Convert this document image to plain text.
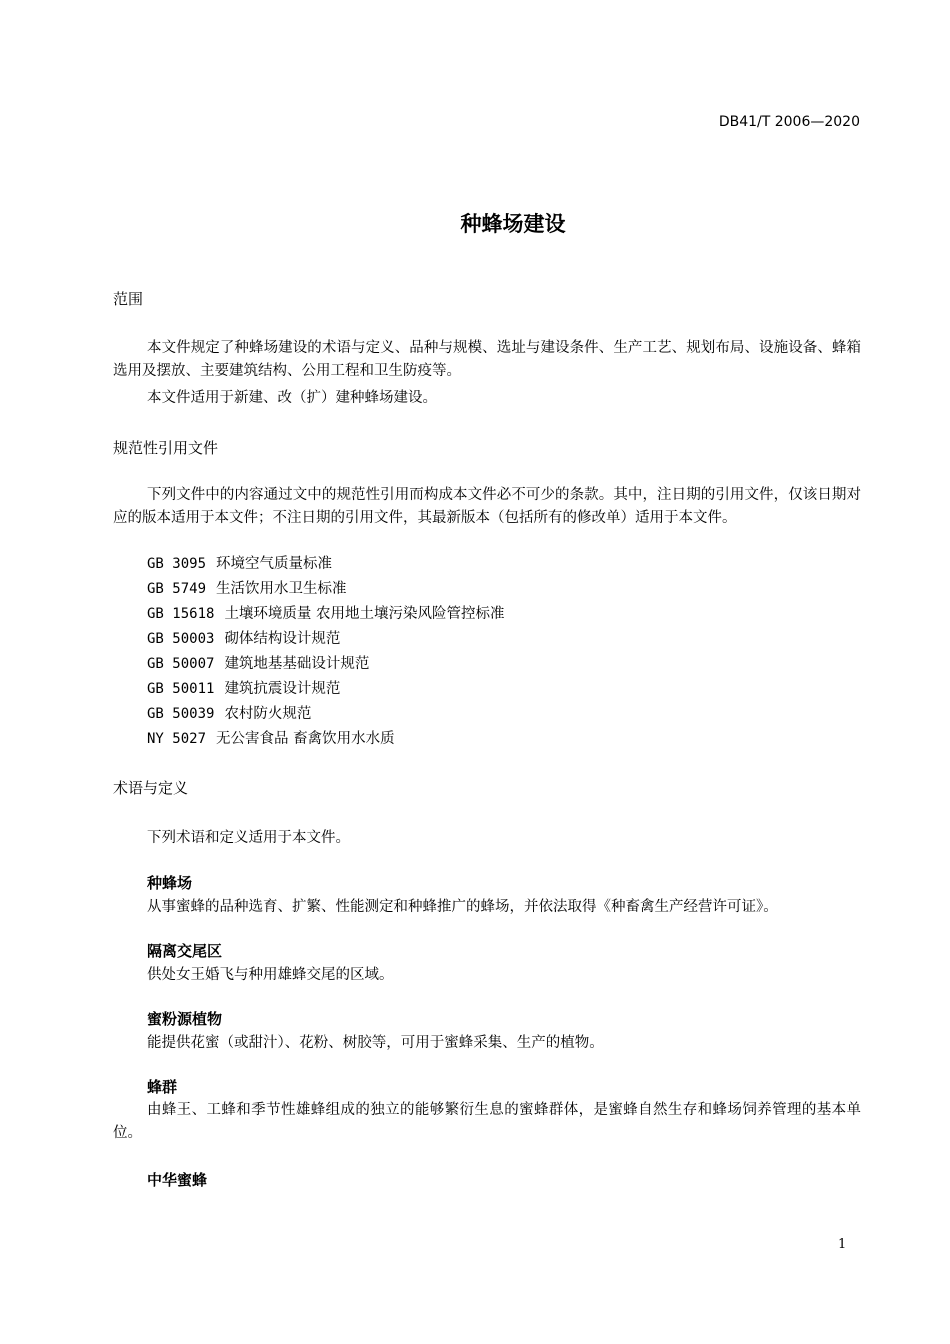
DB41/T 2006—2020
种蜂场建设
范围
本文件规定了种蜂场建设的术语与定义、品种与规模、选址与建设条件、生产工艺、规划布局、设施设备、蜂箱选用及摆放、主要建筑结构、公用工程和卫生防疫等。
本文件适用于新建、改（扩）建种蜂场建设。
规范性引用文件
下列文件中的内容通过文中的规范性引用而构成本文件必不可少的条款。其中，注日期的引用文件，仅该日期对应的版本适用于本文件；不注日期的引用文件，其最新版本（包括所有的修改单）适用于本文件。
GB 3095 环境空气质量标准
GB 5749 生活饮用水卫生标准
GB 15618 土壤环境质量 农用地土壤污染风险管控标准
GB 50003 砌体结构设计规范
GB 50007 建筑地基基础设计规范
GB 50011 建筑抗震设计规范
GB 50039 农村防火规范
NY 5027 无公害食品 畜禽饮用水水质
术语与定义
下列术语和定义适用于本文件。
种蜂场
从事蜜蜂的品种选育、扩繁、性能测定和种蜂推广的蜂场，并依法取得《种畜禽生产经营许可证》。
隔离交尾区
供处女王婚飞与种用雄蜂交尾的区域。
蜜粉源植物
能提供花蜜（或甜汁）、花粉、树胶等，可用于蜜蜂采集、生产的植物。
蜂群
由蜂王、工蜂和季节性雄蜂组成的独立的能够繁衍生息的蜜蜂群体，是蜜蜂自然生存和蜂场饲养管理的基本单位。
中华蜜蜂
1
